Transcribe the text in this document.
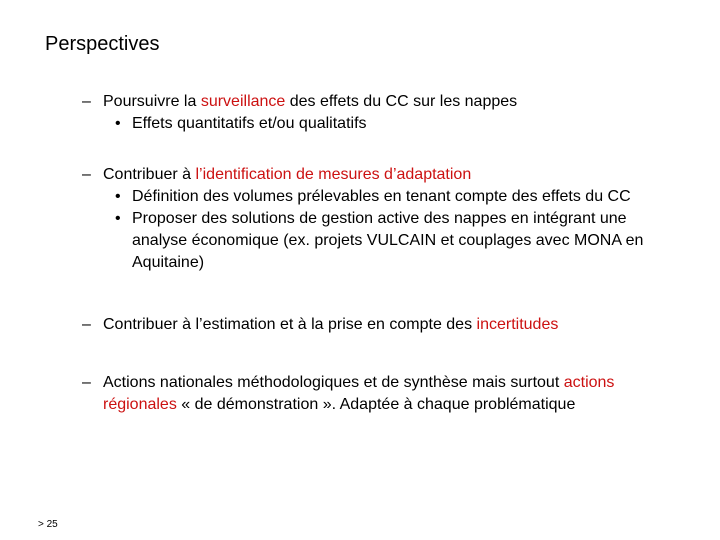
Perspectives

– Poursuivre la surveillance des effets du CC sur les nappes

• Effets quantitatifs et/ou qualitatifs

– Contribuer à l’identification de mesures d’adaptation

• Définition des volumes prélevables en tenant compte des effets du CC

• Proposer des solutions de gestion active des nappes en intégrant une analyse économique (ex. projets VULCAIN et couplages avec MONA en Aquitaine)

– Contribuer à l’estimation et à la prise en compte des incertitudes

– Actions nationales méthodologiques et de synthèse mais surtout actions régionales « de démonstration ». Adaptée à chaque problématique

> 25
